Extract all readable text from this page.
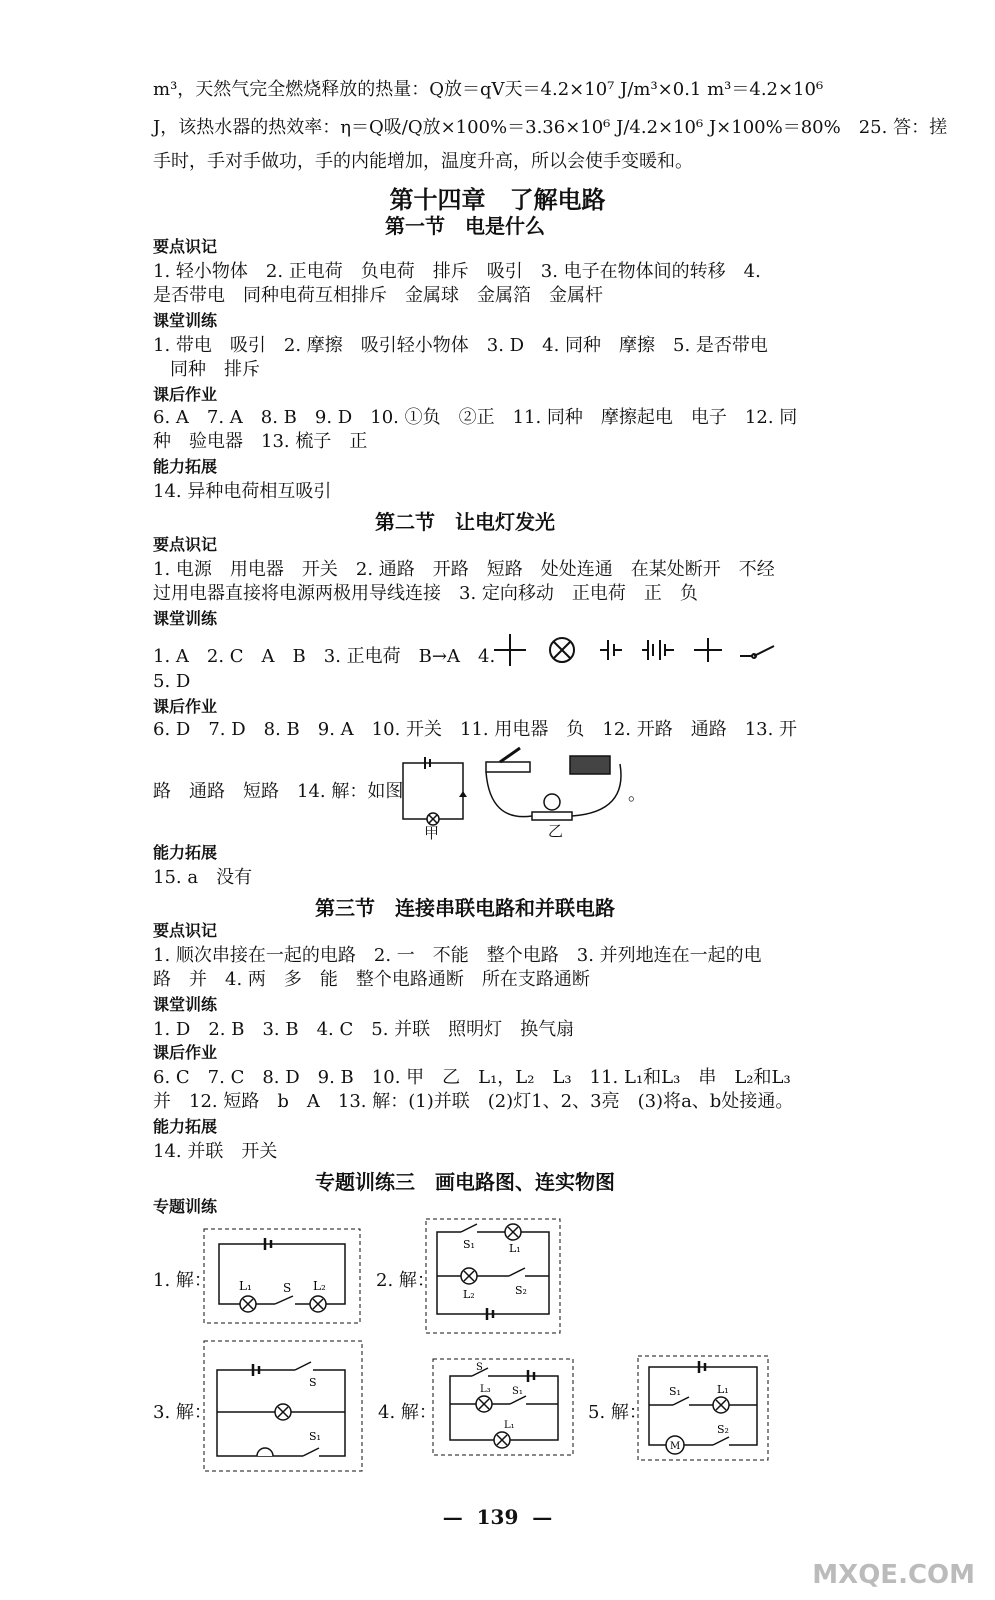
m³，天然气完全燃烧释放的热量：Q放＝qV天＝4.2×10⁷ J/m³×0.1 m³＝4.2×10⁶
J，该热水器的热效率：η＝Q吸/Q放×100%＝3.36×10⁶ J/4.2×10⁶ J×100%＝80%　25. 答：搓
手时，手对手做功，手的内能增加，温度升高，所以会使手变暖和。
第十四章　了解电路
第一节　电是什么
要点识记
1. 轻小物体　2. 正电荷　负电荷　排斥　吸引　3. 电子在物体间的转移　4.
是否带电　同种电荷互相排斥　金属球　金属箔　金属杆
课堂训练
1. 带电　吸引　2. 摩擦　吸引轻小物体　3. D　4. 同种　摩擦　5. 是否带电
同种　排斥
课后作业
6. A　7. A　8. B　9. D　10. ①负　②正　11. 同种　摩擦起电　电子　12. 同
种　验电器　13. 梳子　正
能力拓展
14. 异种电荷相互吸引
第二节　让电灯发光
要点识记
1. 电源　用电器　开关　2. 通路　开路　短路　处处连通　在某处断开　不经
过用电器直接将电源两极用导线连接　3. 定向移动　正电荷　正　负
课堂训练
1. A　2. C　A　B　3. 正电荷　B→A　4.
5. D
课后作业
6. D　7. D　8. B　9. A　10. 开关　11. 用电器　负　12. 开路　通路　13. 开
路　通路　短路　14. 解：如图
甲	乙
。
能力拓展
15. a　没有
第三节　连接串联电路和并联电路
要点识记
1. 顺次串接在一起的电路　2. 一　不能　整个电路　3. 并列地连在一起的电
路　并　4. 两　多　能　整个电路通断　所在支路通断
课堂训练
1. D　2. B　3. B　4. C　5. 并联　照明灯　换气扇
课后作业
6. C　7. C　8. D　9. B　10. 甲　乙　L₁，L₂　L₃　11. L₁和L₃　串　L₂和L₃
并　12. 短路　b　A　13. 解：(1)并联　(2)灯1、2、3亮　(3)将a、b处接通。
能力拓展
14. 并联　开关
专题训练三　画电路图、连实物图
专题训练
1. 解： L₁	S L₂	2. 解：
S₁	L₁
L₂	S₂
3. 解：
S
S₁
4. 解：
S
L₃ S₁
L₁
5. 解：
S₁	L₁
M
S₂
—  139  —
MXQE.COM
